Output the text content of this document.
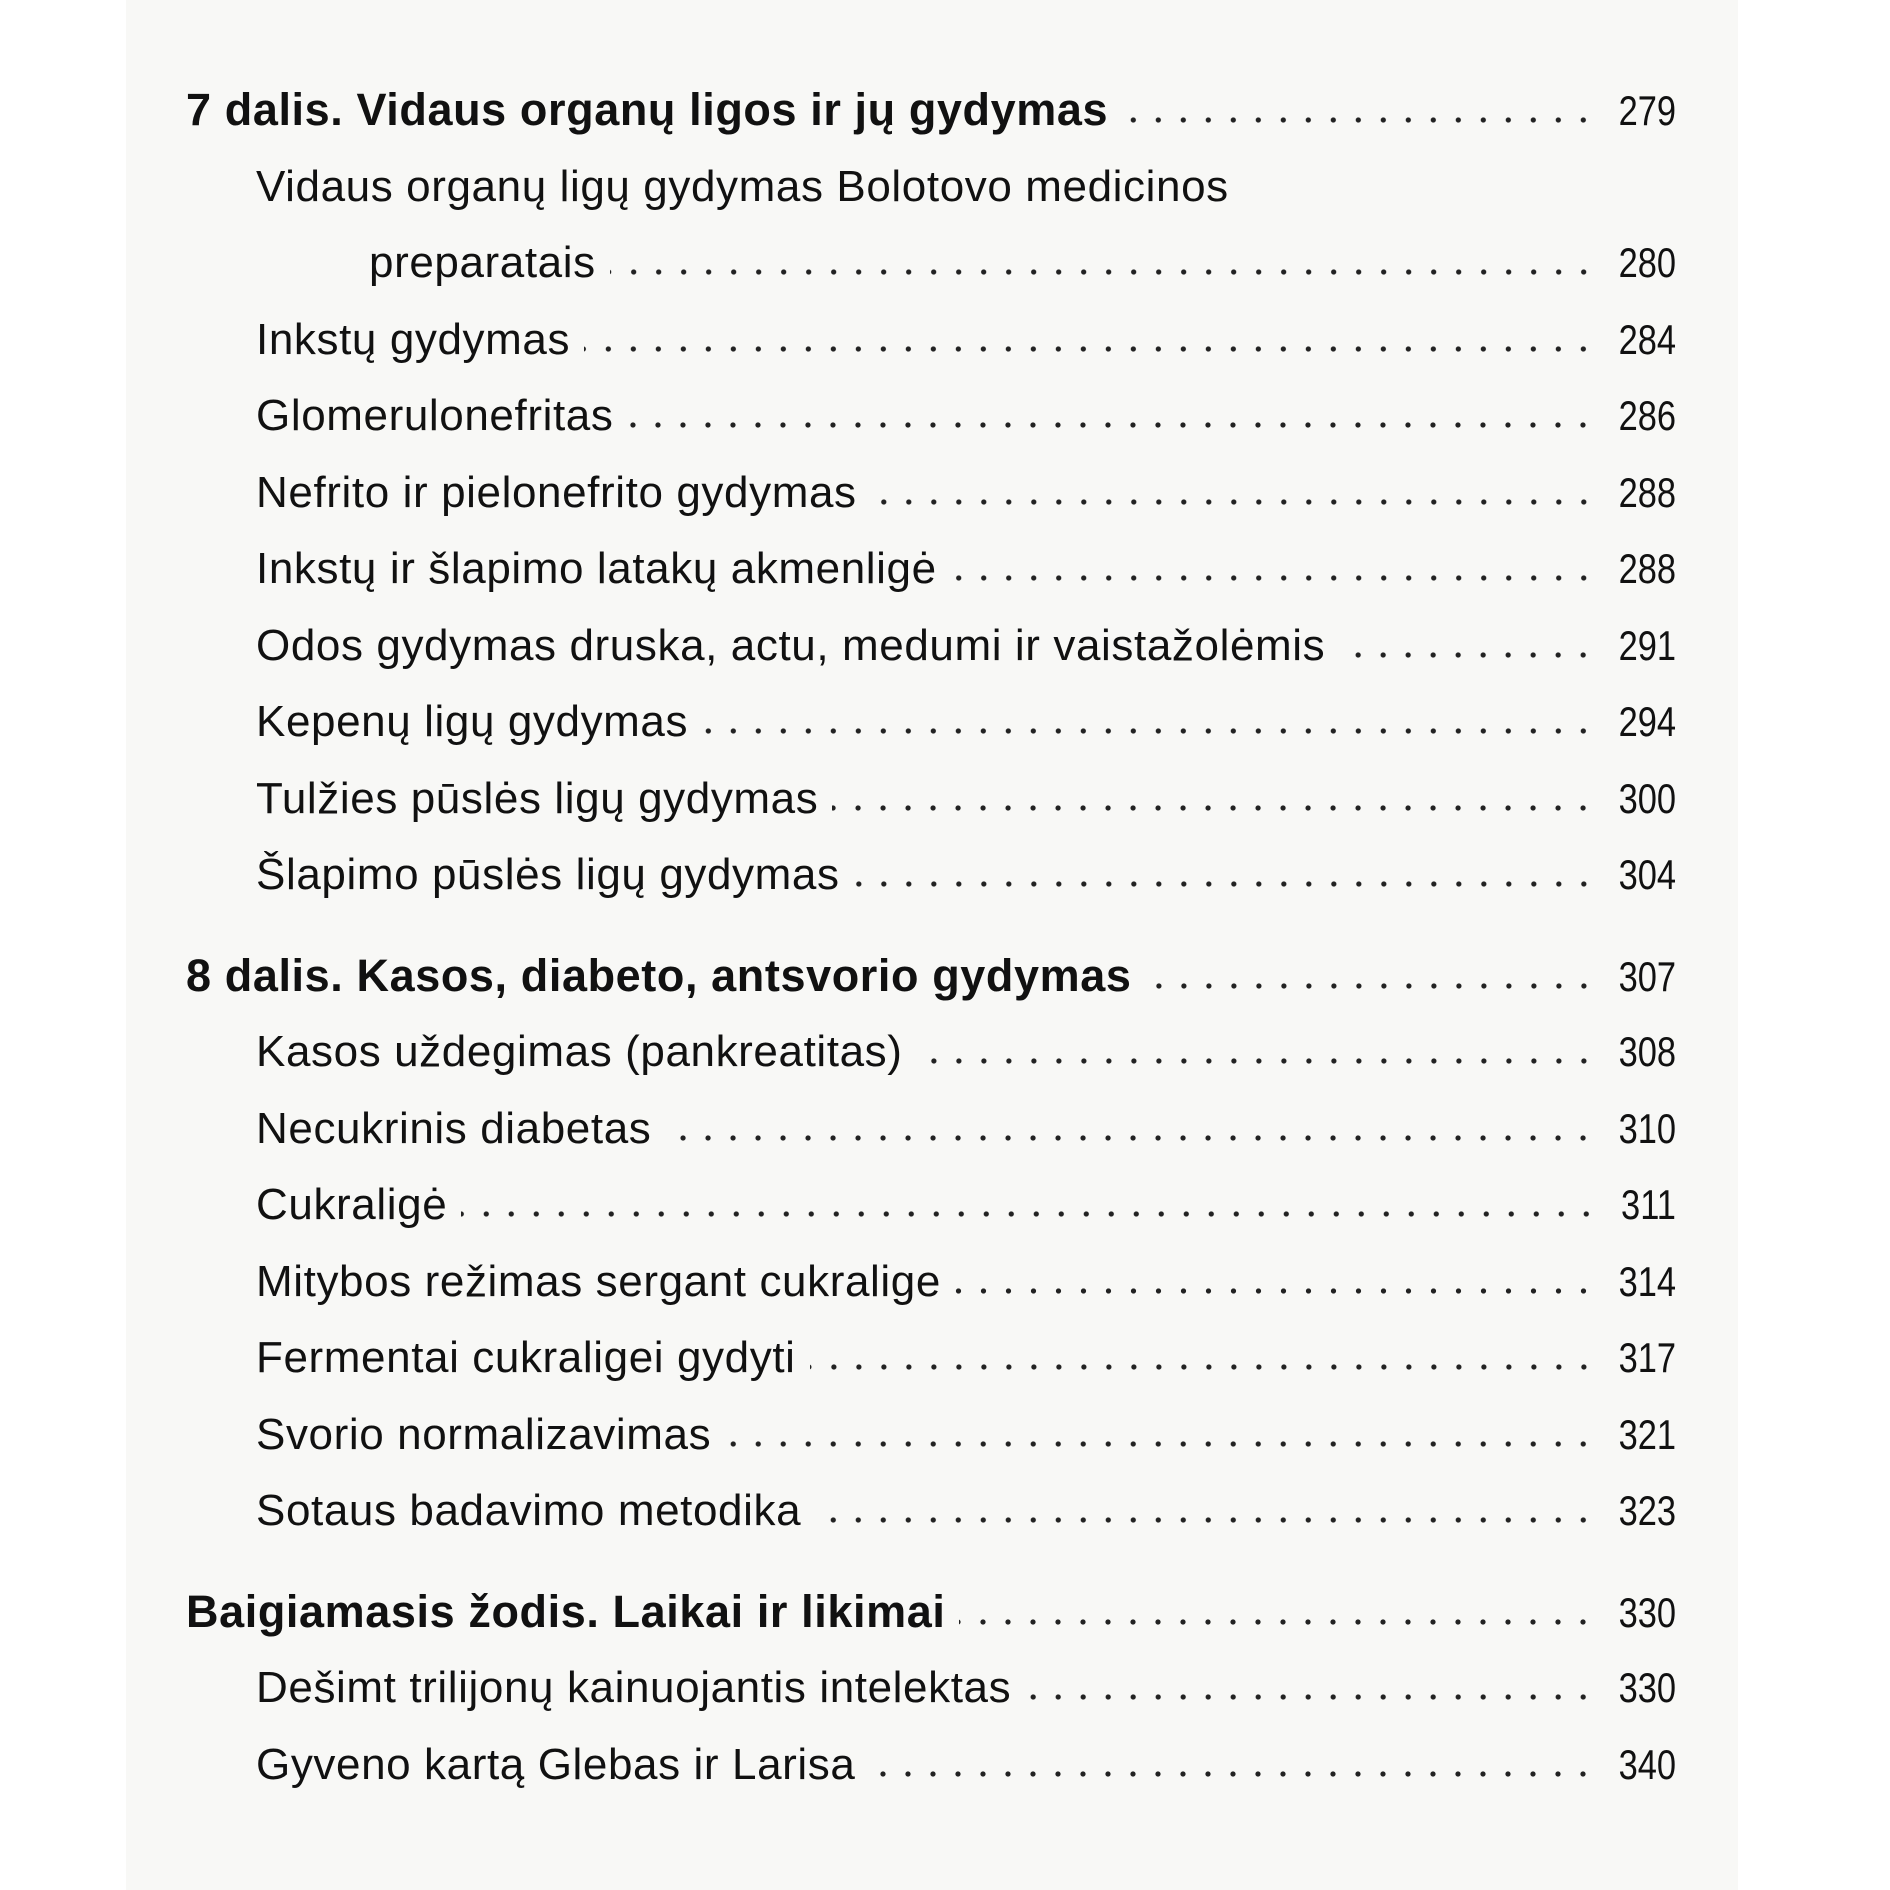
7 dalis. Vidaus organų ligos ir jų gydymas	279
Vidaus organų ligų gydymas Bolotovo medicinos
preparatais	280
Inkstų gydymas	284
Glomerulonefritas	286
Nefrito ir pielonefrito gydymas	288
Inkstų ir šlapimo latakų akmenligė	288
Odos gydymas druska, actu, medumi ir vaistažolėmis	291
Kepenų ligų gydymas	294
Tulžies pūslės ligų gydymas	300
Šlapimo pūslės ligų gydymas	304
8 dalis. Kasos, diabeto, antsvorio gydymas	307
Kasos uždegimas (pankreatitas)	308
Necukrinis diabetas	310
Cukraligė	311
Mitybos režimas sergant cukralige	314
Fermentai cukraligei gydyti	317
Svorio normalizavimas	321
Sotaus badavimo metodika	323
Baigiamasis žodis. Laikai ir likimai	330
Dešimt trilijonų kainuojantis intelektas	330
Gyveno kartą Glebas ir Larisa	340
